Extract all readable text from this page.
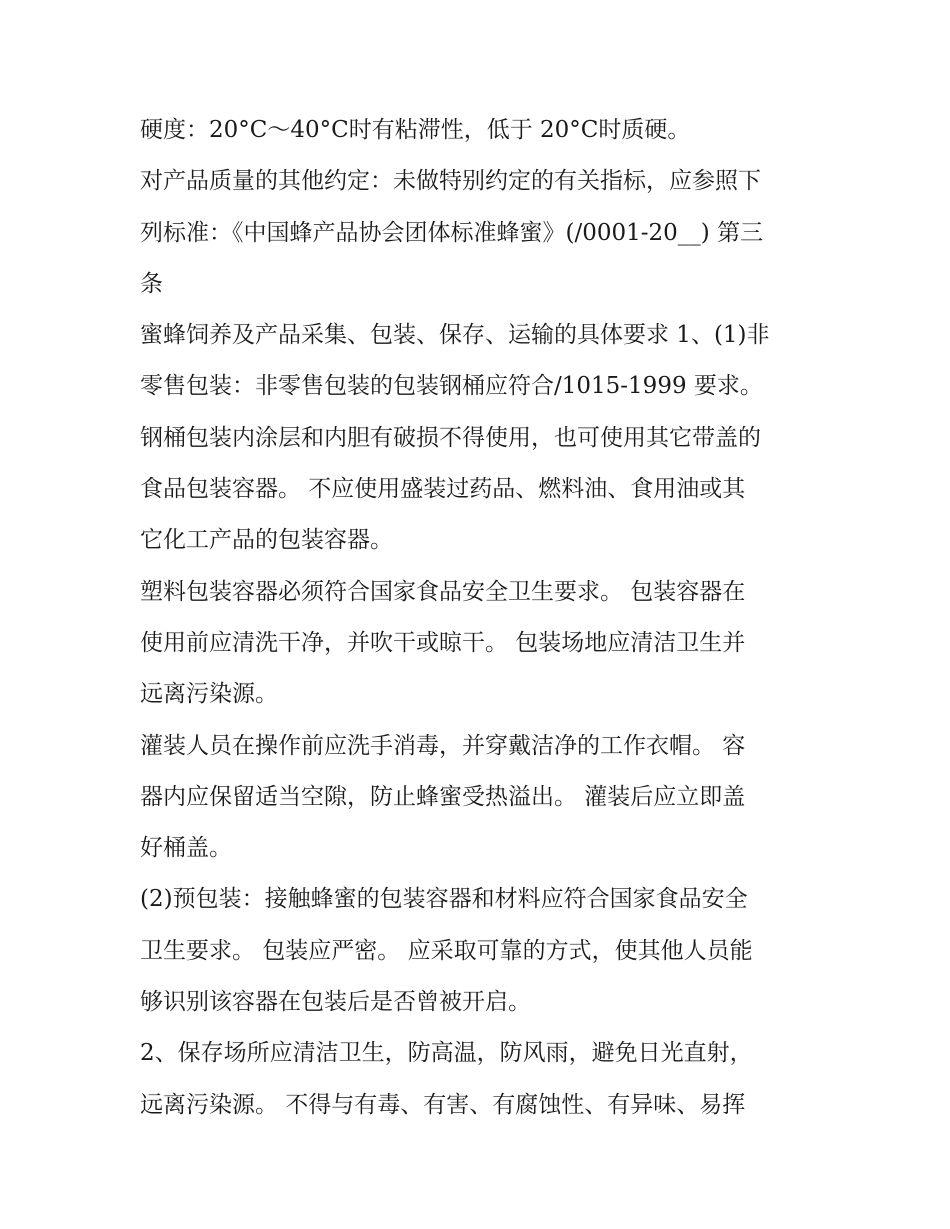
硬度：20°C～40°C时有粘滞性，低于 20°C时质硬。
对产品质量的其他约定：未做特别约定的有关指标，应参照下
列标准：《中国蜂产品协会团体标准蜂蜜》(/0001-20__) 第三
条
蜜蜂饲养及产品采集、包装、保存、运输的具体要求 1、(1)非
零售包装：非零售包装的包装钢桶应符合/1015-1999 要求。
钢桶包装内涂层和内胆有破损不得使用，也可使用其它带盖的
食品包装容器。 不应使用盛装过药品、燃料油、食用油或其
它化工产品的包装容器。
塑料包装容器必须符合国家食品安全卫生要求。 包装容器在
使用前应清洗干净，并吹干或晾干。 包装场地应清洁卫生并
远离污染源。
灌装人员在操作前应洗手消毒，并穿戴洁净的工作衣帽。 容
器内应保留适当空隙，防止蜂蜜受热溢出。 灌装后应立即盖
好桶盖。
(2)预包装：接触蜂蜜的包装容器和材料应符合国家食品安全
卫生要求。 包装应严密。 应采取可靠的方式，使其他人员能
够识别该容器在包装后是否曾被开启。
2、保存场所应清洁卫生，防高温，防风雨，避免日光直射，
远离污染源。 不得与有毒、有害、有腐蚀性、有异味、易挥
